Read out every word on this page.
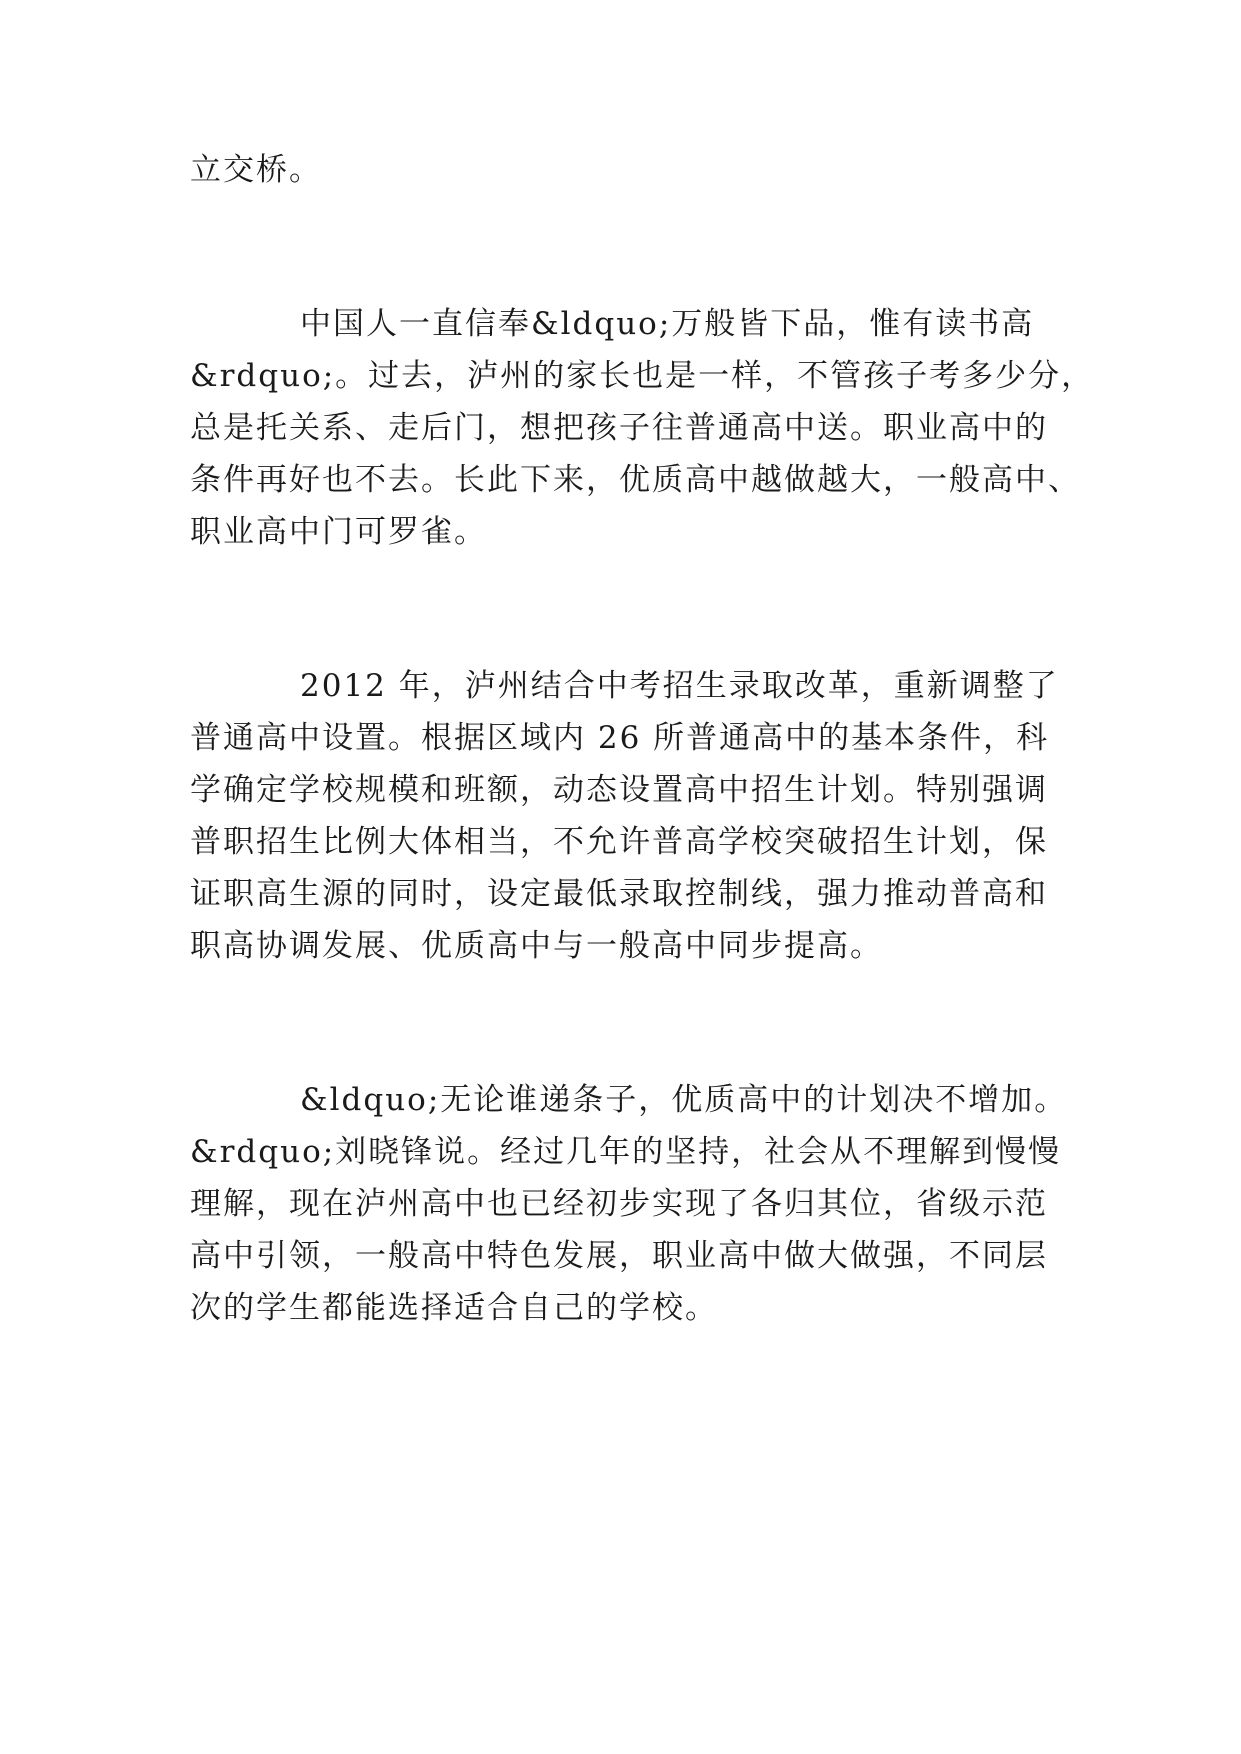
立交桥。

中国人一直信奉&ldquo;万般皆下品，惟有读书高

&rdquo;。过去，泸州的家长也是一样，不管孩子考多少分，

总是托关系、走后门，想把孩子往普通高中送。职业高中的

条件再好也不去。长此下来，优质高中越做越大，一般高中、

职业高中门可罗雀。

2012 年，泸州结合中考招生录取改革，重新调整了

普通高中设置。根据区域内 26 所普通高中的基本条件，科

学确定学校规模和班额，动态设置高中招生计划。特别强调

普职招生比例大体相当，不允许普高学校突破招生计划，保

证职高生源的同时，设定最低录取控制线，强力推动普高和

职高协调发展、优质高中与一般高中同步提高。

&ldquo;无论谁递条子，优质高中的计划决不增加。

&rdquo;刘晓锋说。经过几年的坚持，社会从不理解到慢慢

理解，现在泸州高中也已经初步实现了各归其位，省级示范

高中引领，一般高中特色发展，职业高中做大做强，不同层

次的学生都能选择适合自己的学校。
